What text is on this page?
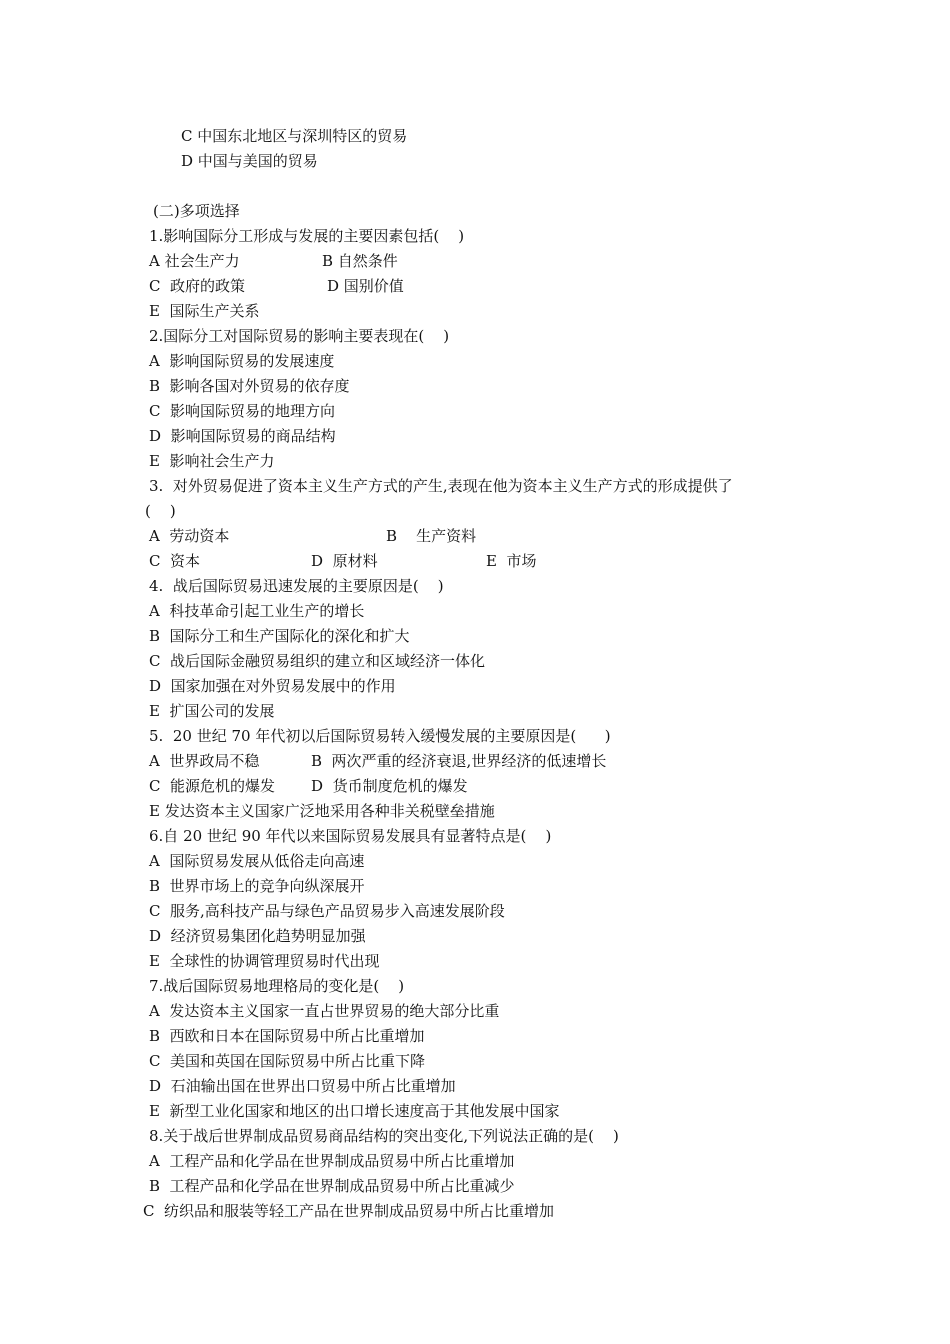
C 中国东北地区与深圳特区的贸易
D 中国与美国的贸易
(二)多项选择
1.影响国际分工形成与发展的主要因素包括(    )
A 社会生产力	B 自然条件
C  政府的政策	D 国别价值
E  国际生产关系
2.国际分工对国际贸易的影响主要表现在(    )
A  影响国际贸易的发展速度
B  影响各国对外贸易的依存度
C  影响国际贸易的地理方向
D  影响国际贸易的商品结构
E  影响社会生产力
3.  对外贸易促进了资本主义生产方式的产生,表现在他为资本主义生产方式的形成提供了
(    )
A  劳动资本	B    生产资料
C  资本	D  原材料	E  市场
4.  战后国际贸易迅速发展的主要原因是(    )
A  科技革命引起工业生产的增长
B  国际分工和生产国际化的深化和扩大
C  战后国际金融贸易组织的建立和区域经济一体化
D  国家加强在对外贸易发展中的作用
E  扩国公司的发展
5.  20 世纪 70 年代初以后国际贸易转入缓慢发展的主要原因是(      )
A  世界政局不稳	B  两次严重的经济衰退,世界经济的低速增长
C  能源危机的爆发 D  货币制度危机的爆发
E 发达资本主义国家广泛地采用各种非关税壁垒措施
6.自 20 世纪 90 年代以来国际贸易发展具有显著特点是(    )
A  国际贸易发展从低俗走向高速
B  世界市场上的竞争向纵深展开
C  服务,高科技产品与绿色产品贸易步入高速发展阶段
D  经济贸易集团化趋势明显加强
E  全球性的协调管理贸易时代出现
7.战后国际贸易地理格局的变化是(    )
A  发达资本主义国家一直占世界贸易的绝大部分比重
B  西欧和日本在国际贸易中所占比重增加
C  美国和英国在国际贸易中所占比重下降
D  石油输出国在世界出口贸易中所占比重增加
E  新型工业化国家和地区的出口增长速度高于其他发展中国家
8.关于战后世界制成品贸易商品结构的突出变化,下列说法正确的是(    )
A  工程产品和化学品在世界制成品贸易中所占比重增加
B  工程产品和化学品在世界制成品贸易中所占比重减少
C  纺织品和服装等轻工产品在世界制成品贸易中所占比重增加
